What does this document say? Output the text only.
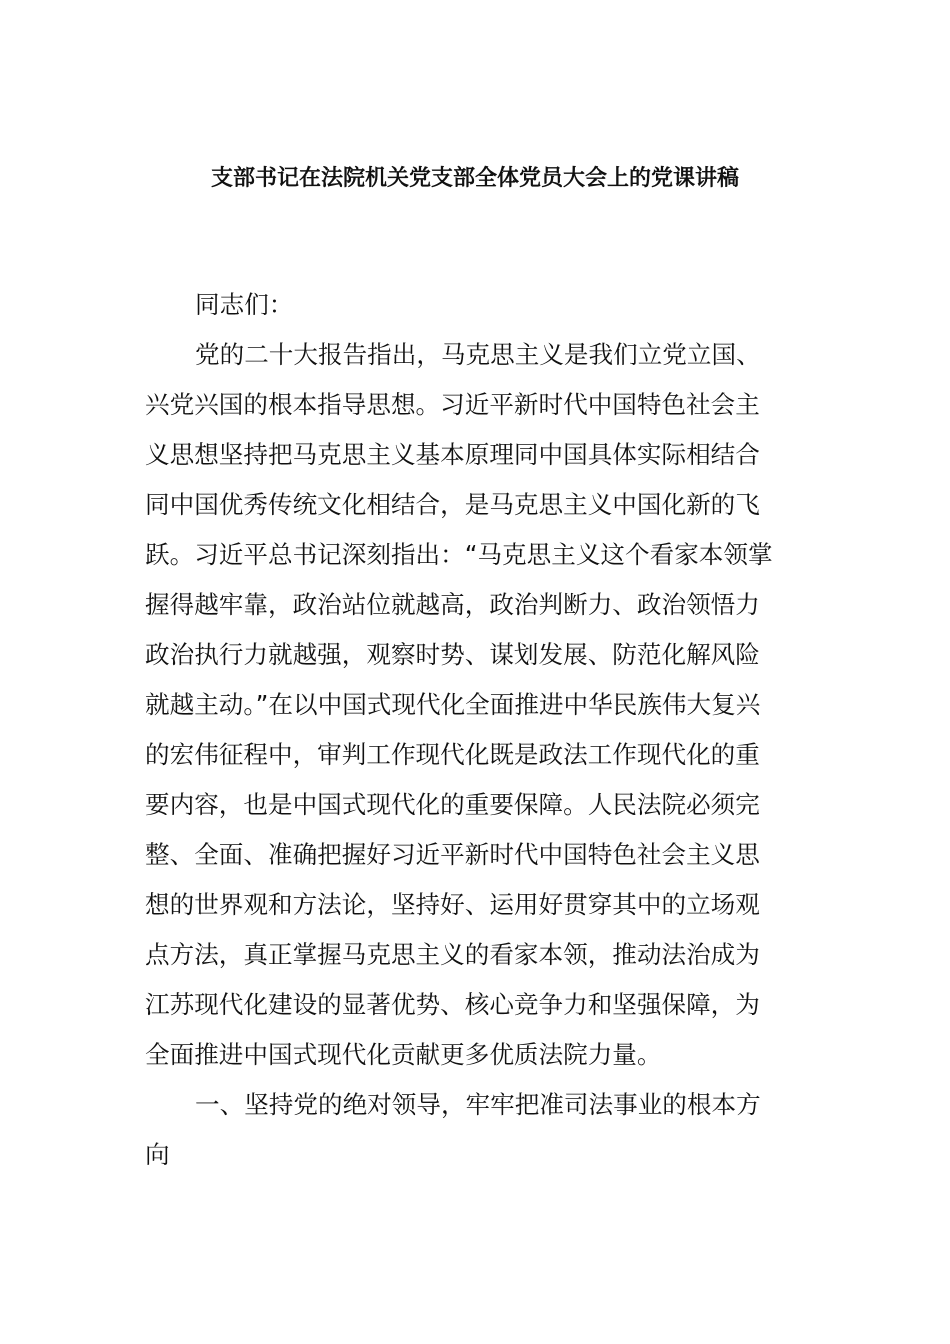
支部书记在法院机关党支部全体党员大会上的党课讲稿
同志们：
党的二十大报告指出，马克思主义是我们立党立国、
兴党兴国的根本指导思想。习近平新时代中国特色社会主
义思想坚持把马克思主义基本原理同中国具体实际相结合
同中国优秀传统文化相结合，是马克思主义中国化新的飞
跃。习近平总书记深刻指出：“马克思主义这个看家本领掌
握得越牢靠，政治站位就越高，政治判断力、政治领悟力
政治执行力就越强，观察时势、谋划发展、防范化解风险
就越主动。”在以中国式现代化全面推进中华民族伟大复兴
的宏伟征程中，审判工作现代化既是政法工作现代化的重
要内容，也是中国式现代化的重要保障。人民法院必须完
整、全面、准确把握好习近平新时代中国特色社会主义思
想的世界观和方法论，坚持好、运用好贯穿其中的立场观
点方法，真正掌握马克思主义的看家本领，推动法治成为
江苏现代化建设的显著优势、核心竞争力和坚强保障，为
全面推进中国式现代化贡献更多优质法院力量。
一、坚持党的绝对领导，牢牢把准司法事业的根本方
向
